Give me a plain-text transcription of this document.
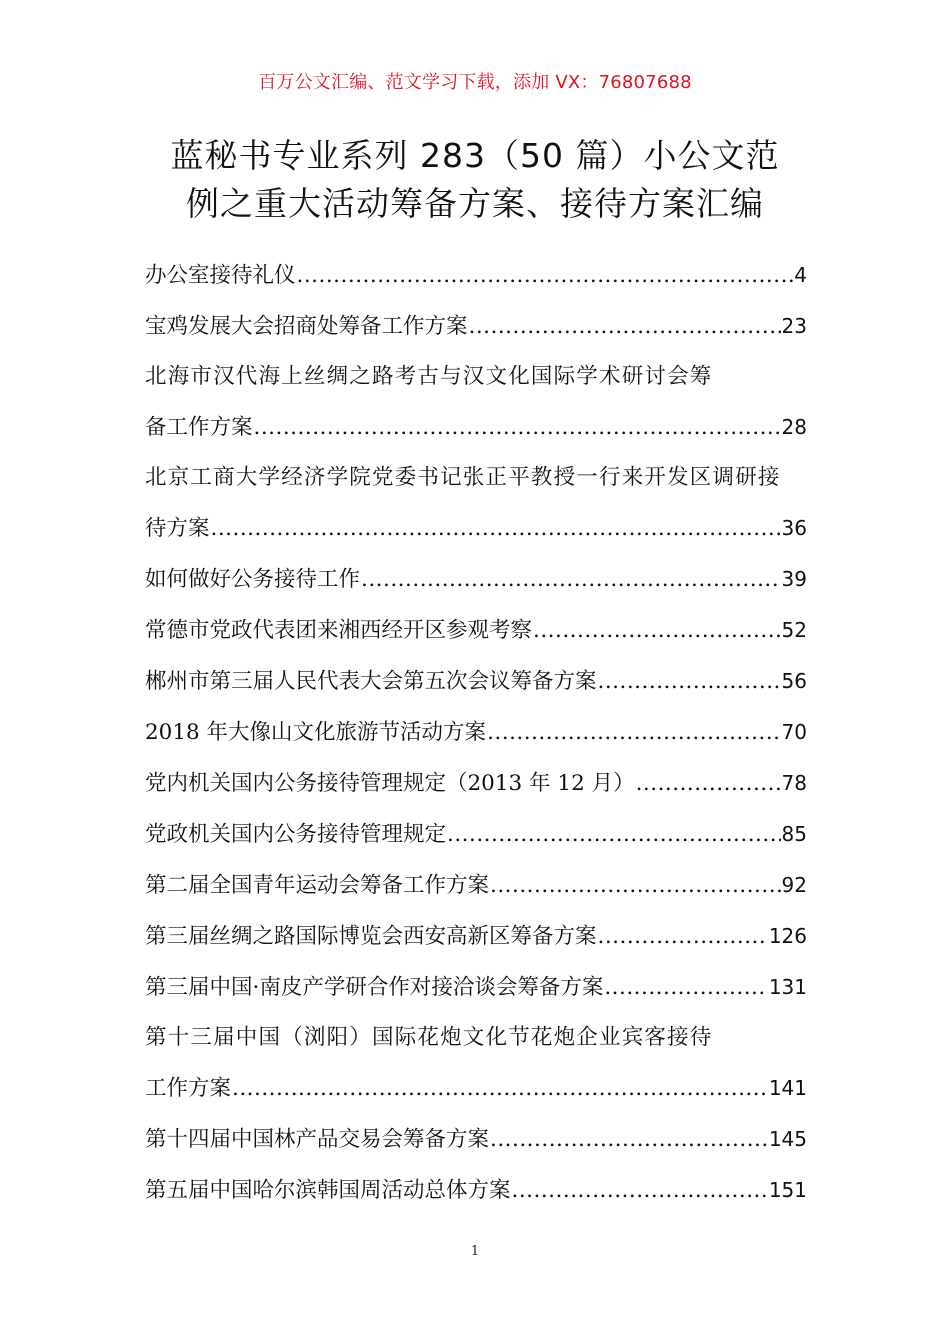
百万公文汇编、范文学习下载，添加 VX：76807688
蓝秘书专业系列 283（50 篇）小公文范
例之重大活动筹备方案、接待方案汇编
办公室接待礼仪 .....	4
宝鸡发展大会招商处筹备工作方案 .....	23
北海市汉代海上丝绸之路考古与汉文化国际学术研讨会筹
备工作方案 .....	28
北京工商大学经济学院党委书记张正平教授一行来开发区调研接
待方案 .....	36
如何做好公务接待工作 .....	39
常德市党政代表团来湘西经开区参观考察 .....	52
郴州市第三届人民代表大会第五次会议筹备方案 .....	56
2018 年大像山文化旅游节活动方案 .....	70
党内机关国内公务接待管理规定（2013 年 12 月） .....	78
党政机关国内公务接待管理规定 .....	85
第二届全国青年运动会筹备工作方案 .....	92
第三届丝绸之路国际博览会西安高新区筹备方案 .....	126
第三届中国·南皮产学研合作对接洽谈会筹备方案 .....	131
第十三届中国（浏阳）国际花炮文化节花炮企业宾客接待
工作方案 .....	141
第十四届中国林产品交易会筹备方案 .....	145
第五届中国哈尔滨韩国周活动总体方案 .....	151
1
